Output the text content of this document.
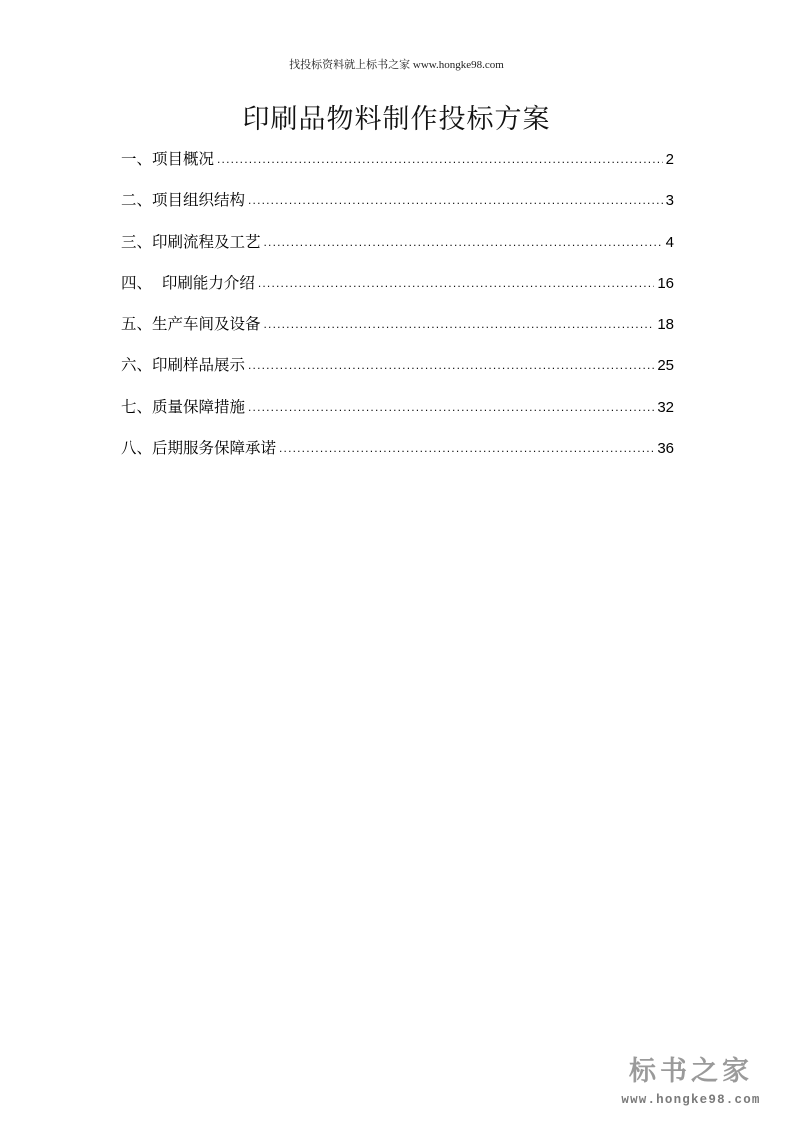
找投标资料就上标书之家 www.hongke98.com
印刷品物料制作投标方案
一、项目概况 .....	2
二、项目组织结构 .....	3
三、印刷流程及工艺 .....	4
四、  印刷能力介绍 .....	16
五、生产车间及设备 .....	18
六、印刷样品展示 .....	25
七、质量保障措施 .....	32
八、后期服务保障承诺 .....	36
标书之家
www.hongke98.com
